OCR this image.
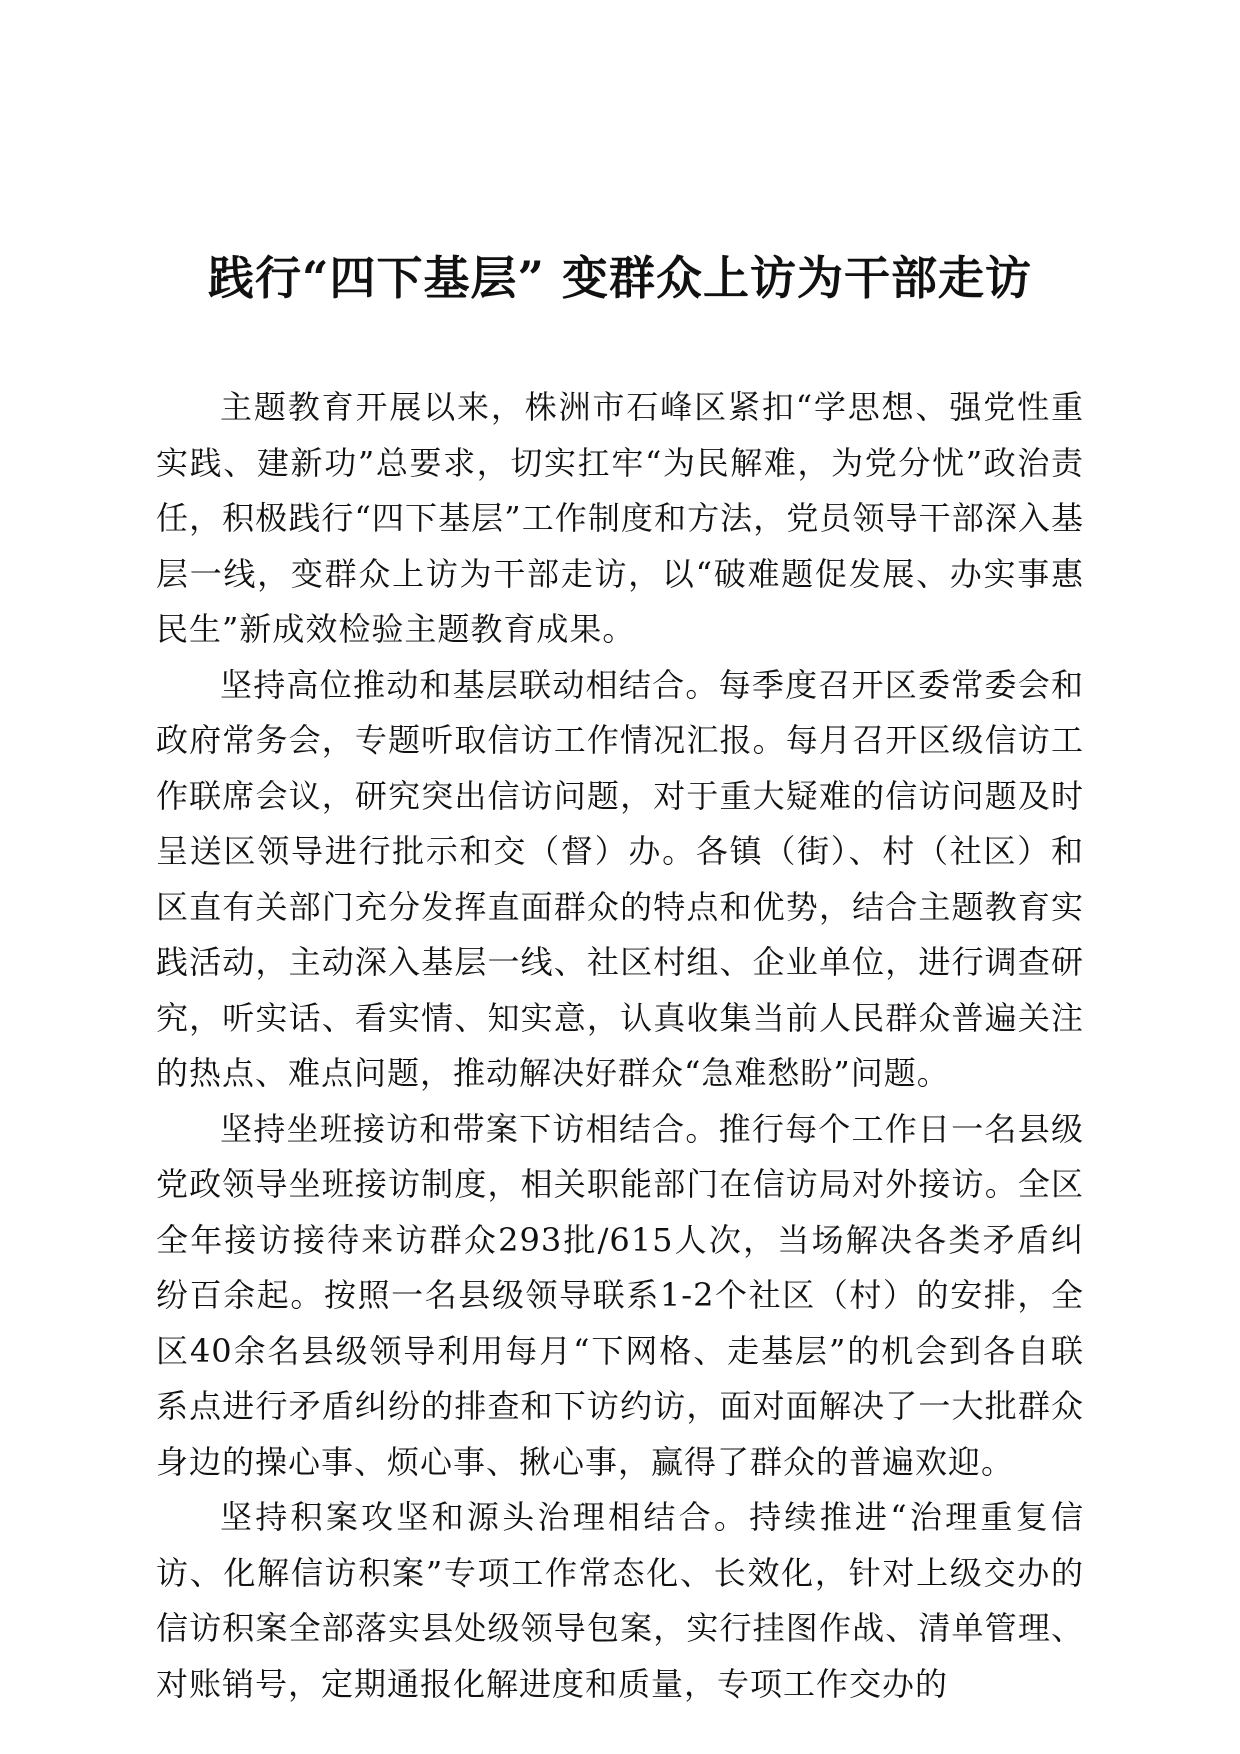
践行“四下基层” 变群众上访为干部走访

主题教育开展以来，株洲市石峰区紧扣“学思想、强党性重实践、建新功”总要求，切实扛牢“为民解难，为党分忧”政治责任，积极践行“四下基层”工作制度和方法，党员领导干部深入基层一线，变群众上访为干部走访，以“破难题促发展、办实事惠民生”新成效检验主题教育成果。

坚持高位推动和基层联动相结合。每季度召开区委常委会和政府常务会，专题听取信访工作情况汇报。每月召开区级信访工作联席会议，研究突出信访问题，对于重大疑难的信访问题及时呈送区领导进行批示和交（督）办。各镇（街）、村（社区）和区直有关部门充分发挥直面群众的特点和优势，结合主题教育实践活动，主动深入基层一线、社区村组、企业单位，进行调查研究，听实话、看实情、知实意，认真收集当前人民群众普遍关注的热点、难点问题，推动解决好群众“急难愁盼”问题。

坚持坐班接访和带案下访相结合。推行每个工作日一名县级党政领导坐班接访制度，相关职能部门在信访局对外接访。全区全年接访接待来访群众293批/615人次，当场解决各类矛盾纠纷百余起。按照一名县级领导联系1-2个社区（村）的安排，全区40余名县级领导利用每月“下网格、走基层”的机会到各自联系点进行矛盾纠纷的排查和下访约访，面对面解决了一大批群众身边的操心事、烦心事、揪心事，赢得了群众的普遍欢迎。

坚持积案攻坚和源头治理相结合。持续推进“治理重复信访、化解信访积案”专项工作常态化、长效化，针对上级交办的信访积案全部落实县处级领导包案，实行挂图作战、清单管理、对账销号，定期通报化解进度和质量，专项工作交办的
